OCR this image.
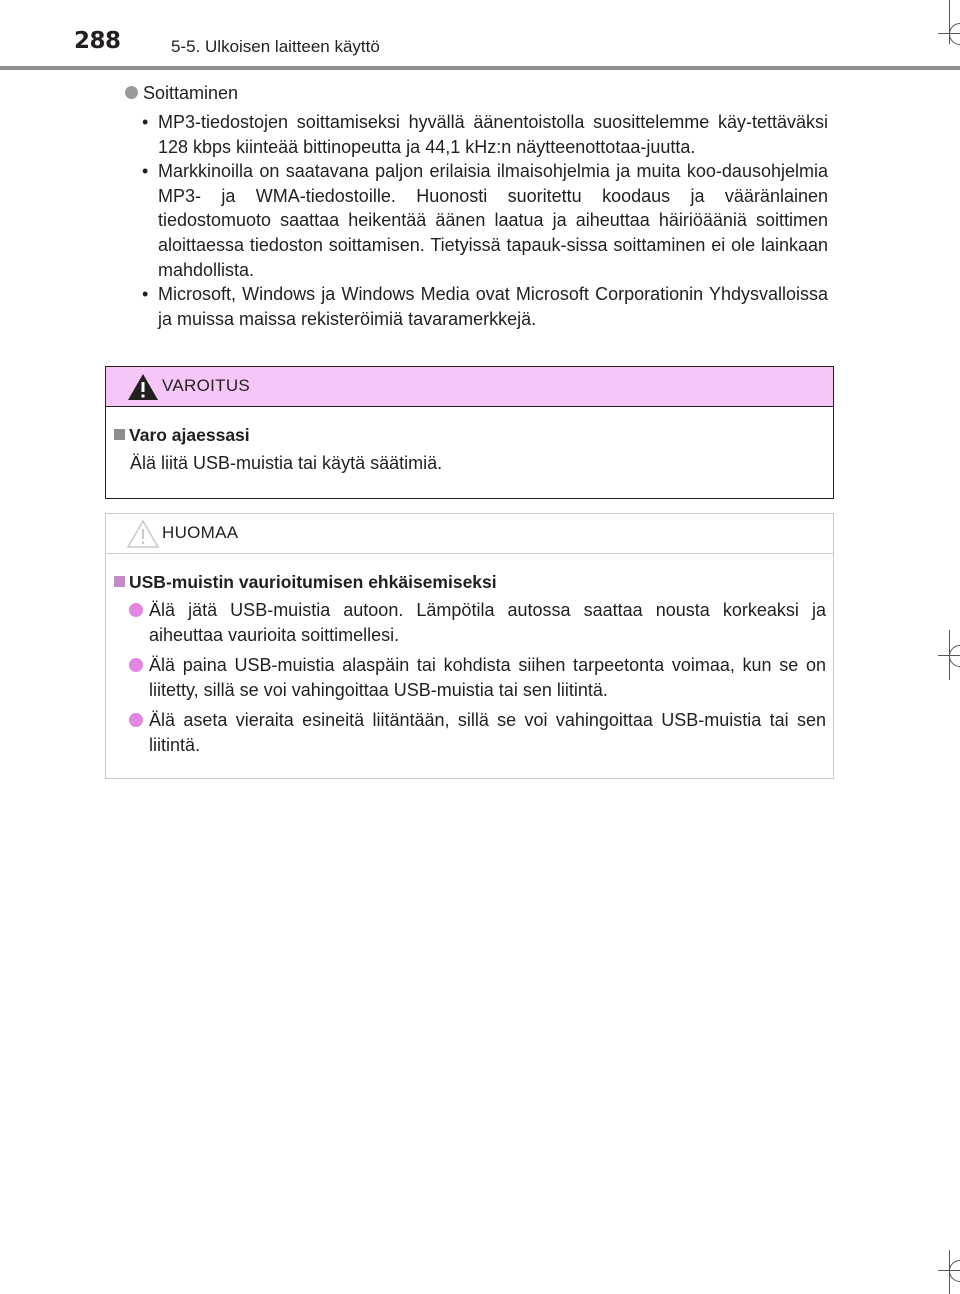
288	5-5. Ulkoisen laitteen käyttö
Soittaminen
• MP3-tiedostojen soittamiseksi hyvällä äänentoistolla suosittelemme käy-tettäväksi 128 kbps kiinteää bittinopeutta ja 44,1 kHz:n näytteenottotaa-juutta.
• Markkinoilla on saatavana paljon erilaisia ilmaisohjelmia ja muita koo-dausohjelmia MP3- ja WMA-tiedostoille. Huonosti suoritettu koodaus ja vääränlainen tiedostomuoto saattaa heikentää äänen laatua ja aiheuttaa häiriöääniä soittimen aloittaessa tiedoston soittamisen. Tietyissä tapauk-sissa soittaminen ei ole lainkaan mahdollista.
• Microsoft, Windows ja Windows Media ovat Microsoft Corporationin Yhdysvalloissa ja muissa maissa rekisteröimiä tavaramerkkejä.
VAROITUS
Varo ajaessasi
Älä liitä USB-muistia tai käytä säätimiä.
HUOMAA
USB-muistin vaurioitumisen ehkäisemiseksi
Älä jätä USB-muistia autoon. Lämpötila autossa saattaa nousta korkeaksi ja aiheuttaa vaurioita soittimellesi.
Älä paina USB-muistia alaspäin tai kohdista siihen tarpeetonta voimaa, kun se on liitetty, sillä se voi vahingoittaa USB-muistia tai sen liitintä.
Älä aseta vieraita esineitä liitäntään, sillä se voi vahingoittaa USB-muistia tai sen liitintä.
